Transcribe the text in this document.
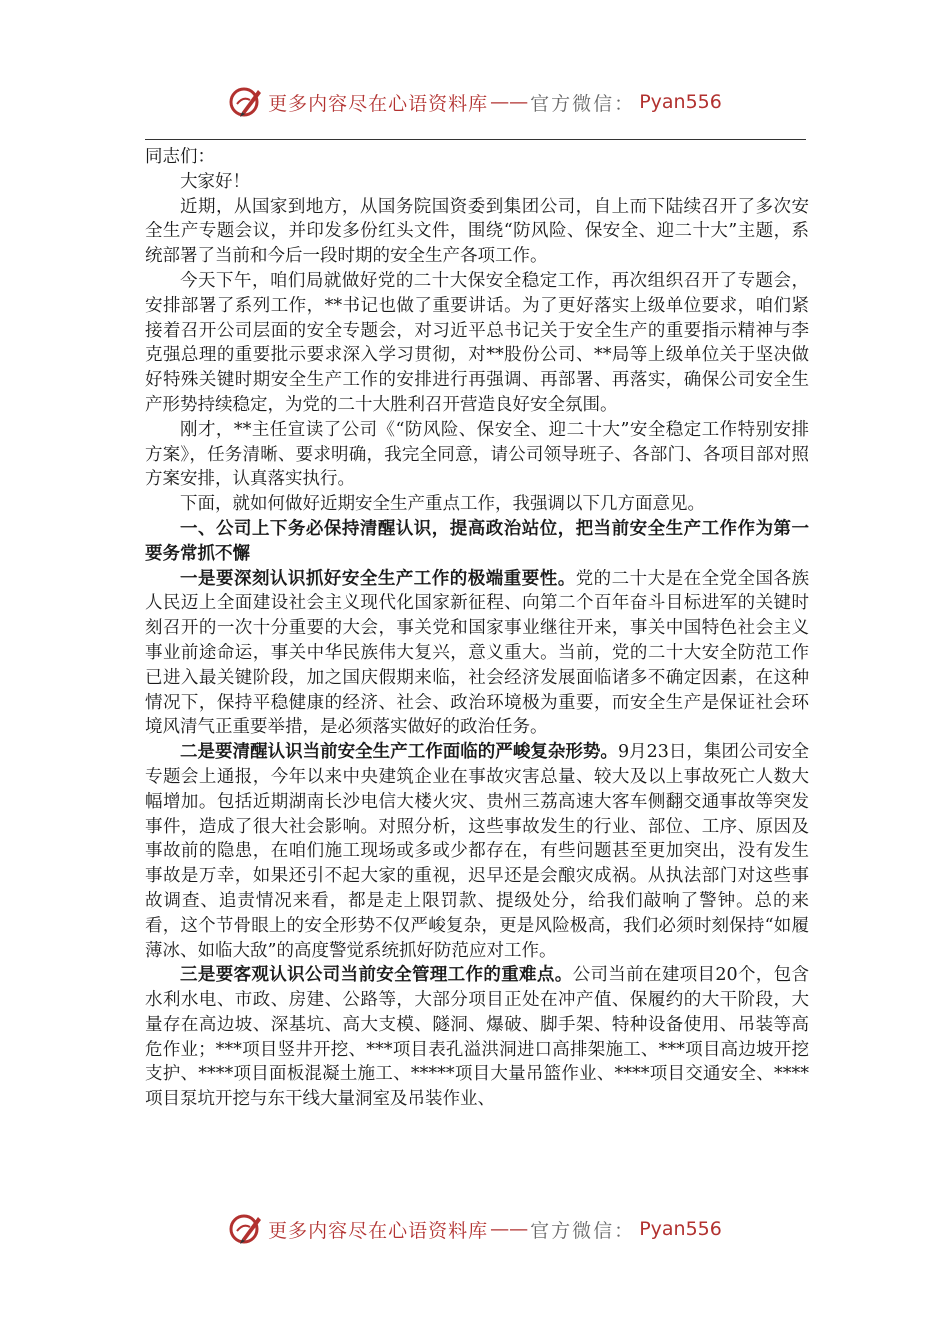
更多内容尽在心语资料库 —— 官方微信： Pyan556

同志们：

大家好！

近期，从国家到地方，从国务院国资委到集团公司，自上而下陆续召开了多次安全生产专题会议，并印发多份红头文件，围绕“防风险、保安全、迎二十大”主题，系统部署了当前和今后一段时期的安全生产各项工作。

今天下午，咱们局就做好党的二十大保安全稳定工作，再次组织召开了专题会，安排部署了系列工作，**书记也做了重要讲话。为了更好落实上级单位要求，咱们紧接着召开公司层面的安全专题会，对习近平总书记关于安全生产的重要指示精神与李克强总理的重要批示要求深入学习贯彻，对**股份公司、**局等上级单位关于坚决做好特殊关键时期安全生产工作的安排进行再强调、再部署、再落实，确保公司安全生产形势持续稳定，为党的二十大胜利召开营造良好安全氛围。

刚才，**主任宣读了公司《“防风险、保安全、迎二十大”安全稳定工作特别安排方案》，任务清晰、要求明确，我完全同意，请公司领导班子、各部门、各项目部对照方案安排，认真落实执行。

下面，就如何做好近期安全生产重点工作，我强调以下几方面意见。

一、公司上下务必保持清醒认识，提高政治站位，把当前安全生产工作作为第一要务常抓不懈

一是要深刻认识抓好安全生产工作的极端重要性。党的二十大是在全党全国各族人民迈上全面建设社会主义现代化国家新征程、向第二个百年奋斗目标进军的关键时刻召开的一次十分重要的大会，事关党和国家事业继往开来，事关中国特色社会主义事业前途命运，事关中华民族伟大复兴，意义重大。当前，党的二十大安全防范工作已进入最关键阶段，加之国庆假期来临，社会经济发展面临诸多不确定因素，在这种情况下，保持平稳健康的经济、社会、政治环境极为重要，而安全生产是保证社会环境风清气正重要举措，是必须落实做好的政治任务。

二是要清醒认识当前安全生产工作面临的严峻复杂形势。9月23日，集团公司安全专题会上通报，今年以来中央建筑企业在事故灾害总量、较大及以上事故死亡人数大幅增加。包括近期湖南长沙电信大楼火灾、贵州三荔高速大客车侧翻交通事故等突发事件，造成了很大社会影响。对照分析，这些事故发生的行业、部位、工序、原因及事故前的隐患，在咱们施工现场或多或少都存在，有些问题甚至更加突出，没有发生事故是万幸，如果还引不起大家的重视，迟早还是会酿灾成祸。从执法部门对这些事故调查、追责情况来看，都是走上限罚款、提级处分，给我们敲响了警钟。总的来看，这个节骨眼上的安全形势不仅严峻复杂，更是风险极高，我们必须时刻保持“如履薄冰、如临大敌”的高度警觉系统抓好防范应对工作。

三是要客观认识公司当前安全管理工作的重难点。公司当前在建项目20个，包含水利水电、市政、房建、公路等，大部分项目正处在冲产值、保履约的大干阶段，大量存在高边坡、深基坑、高大支模、隧洞、爆破、脚手架、特种设备使用、吊装等高危作业；***项目竖井开挖、***项目表孔溢洪洞进口高排架施工、***项目高边坡开挖支护、****项目面板混凝土施工、*****项目大量吊篮作业、****项目交通安全、****项目泵坑开挖与东干线大量洞室及吊装作业、

更多内容尽在心语资料库 —— 官方微信： Pyan556
